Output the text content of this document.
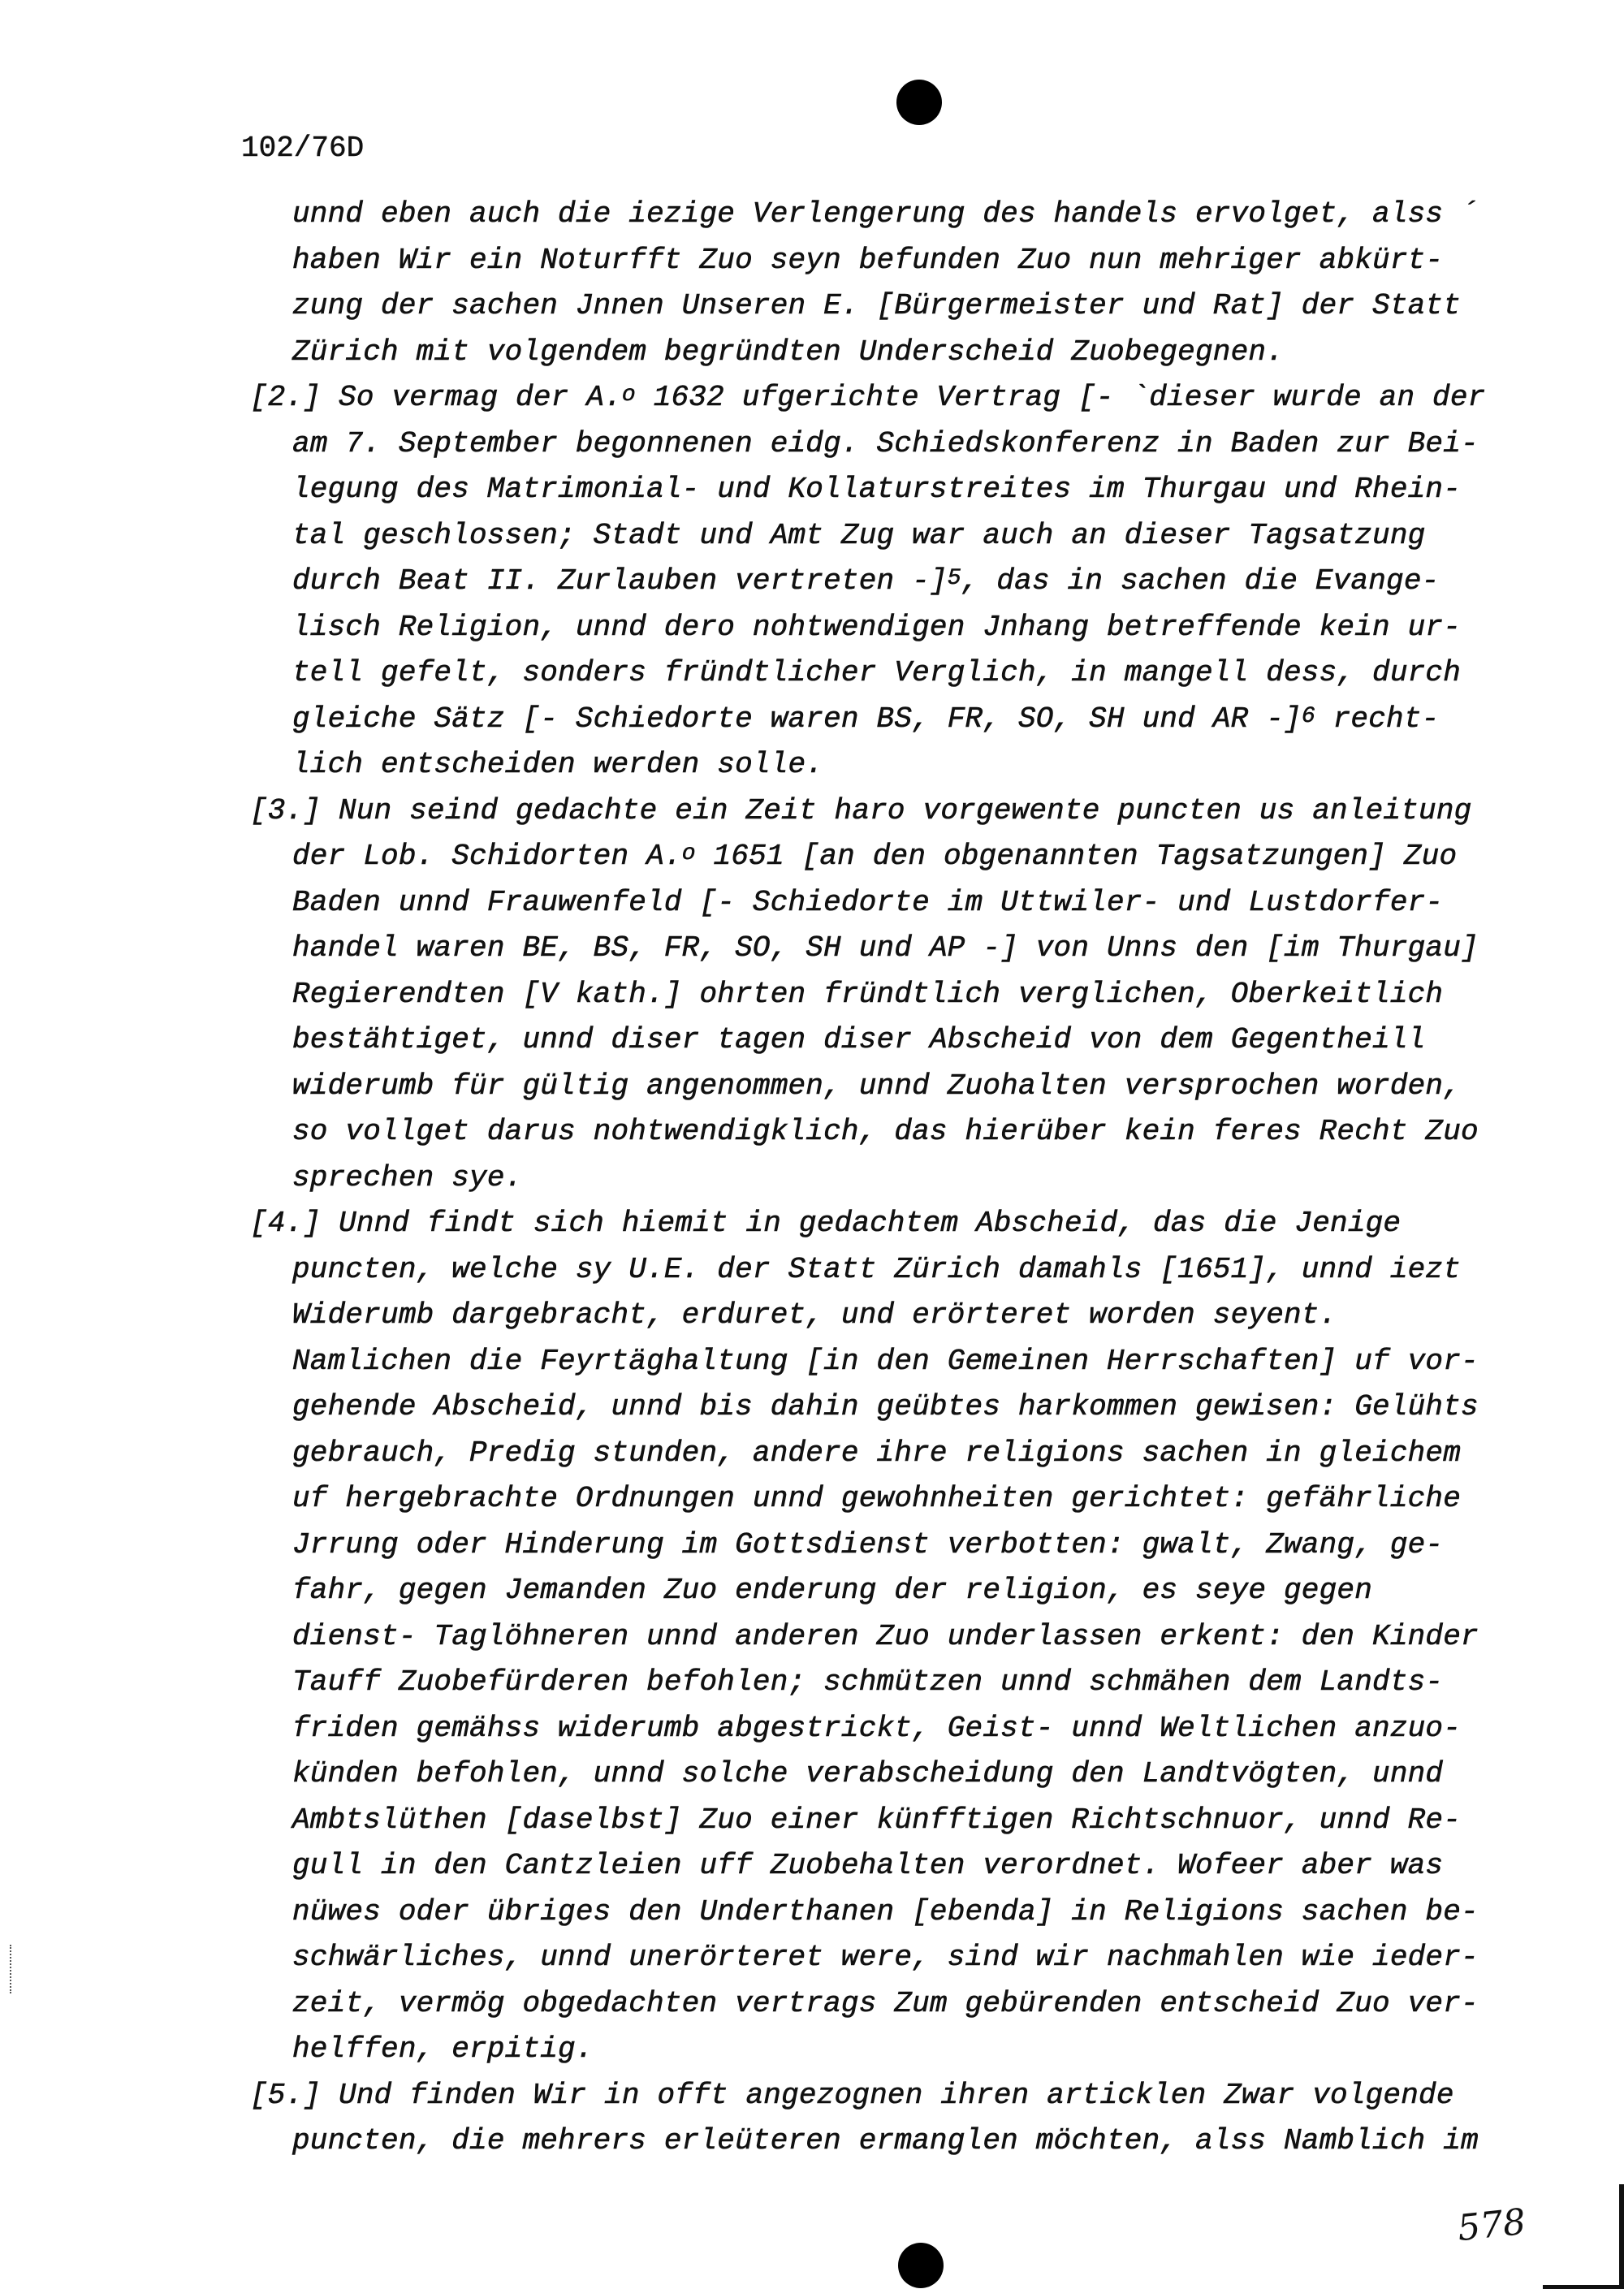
102/76D
unnd eben auch die iezige Verlengerung des handels ervolget, alss ´
haben Wir ein Noturfft Zuo seyn befunden Zuo nun mehriger abkürt-
zung der sachen Jnnen Unseren E. [Bürgermeister und Rat] der Statt
Zürich mit volgendem begründten Underscheid Zuobegegnen.
[2.] So vermag der A.$^o$ 1632 ufgerichte Vertrag [- `dieser wurde an der
am 7. September begonnenen eidg. Schiedskonferenz in Baden zur Bei-
legung des Matrimonial- und Kollaturstreites im Thurgau und Rhein-
tal geschlossen; Stadt und Amt Zug war auch an dieser Tagsatzung
durch Beat II. Zurlauben vertreten -]$^5$, das in sachen die Evange-
lisch Religion, unnd dero nohtwendigen Jnhang betreffende kein ur-
tell gefelt, sonders fründtlicher Verglich, in mangell dess, durch
gleiche Sätz [- Schiedorte waren BS, FR, SO, SH und AR -]$^6$ recht-
lich entscheiden werden solle.
[3.] Nun seind gedachte ein Zeit haro vorgewente puncten us anleitung
der Lob. Schidorten A.$^o$ 1651 [an den obgenannten Tagsatzungen] Zuo
Baden unnd Frauwenfeld [- Schiedorte im Uttwiler- und Lustdorfer-
handel waren BE, BS, FR, SO, SH und AP -] von Unns den [im Thurgau]
Regierendten [V kath.] ohrten fründtlich verglichen, Oberkeitlich
bestähtiget, unnd diser tagen diser Abscheid von dem Gegentheill
widerumb für gültig angenommen, unnd Zuohalten versprochen worden,
so vollget darus nohtwendigklich, das hierüber kein feres Recht Zuo
sprechen sye.
[4.] Unnd findt sich hiemit in gedachtem Abscheid, das die Jenige
puncten, welche sy U.E. der Statt Zürich damahls [1651], unnd iezt
Widerumb dargebracht, erduret, und erörteret worden seyent.
Namlichen die Feyrtäghaltung [in den Gemeinen Herrschaften] uf vor-
gehende Abscheid, unnd bis dahin geübtes harkommen gewisen: Gelühts
gebrauch, Predig stunden, andere ihre religions sachen in gleichem
uf hergebrachte Ordnungen unnd gewohnheiten gerichtet: gefährliche
Jrrung oder Hinderung im Gottsdienst verbotten: gwalt, Zwang, ge-
fahr, gegen Jemanden Zuo enderung der religion, es seye gegen
dienst- Taglöhneren unnd anderen Zuo underlassen erkent: den Kinder
Tauff Zuobefürderen befohlen; schmützen unnd schmähen dem Landts-
friden gemähss widerumb abgestrickt, Geist- unnd Weltlichen anzuo-
künden befohlen, unnd solche verabscheidung den Landtvögten, unnd
Ambtslüthen [daselbst] Zuo einer künfftigen Richtschnuor, unnd Re-
gull in den Cantzleien uff Zuobehalten verordnet. Wofeer aber was
nüwes oder übriges den Underthanen [ebenda] in Religions sachen be-
schwärliches, unnd unerörteret were, sind wir nachmahlen wie ieder-
zeit, vermög obgedachten vertrags Zum gebürenden entscheid Zuo ver-
helffen, erpitig.
[5.] Und finden Wir in offt angezognen ihren articklen Zwar volgende
puncten, die mehrers erleüteren ermanglen möchten, alss Namblich im
578
